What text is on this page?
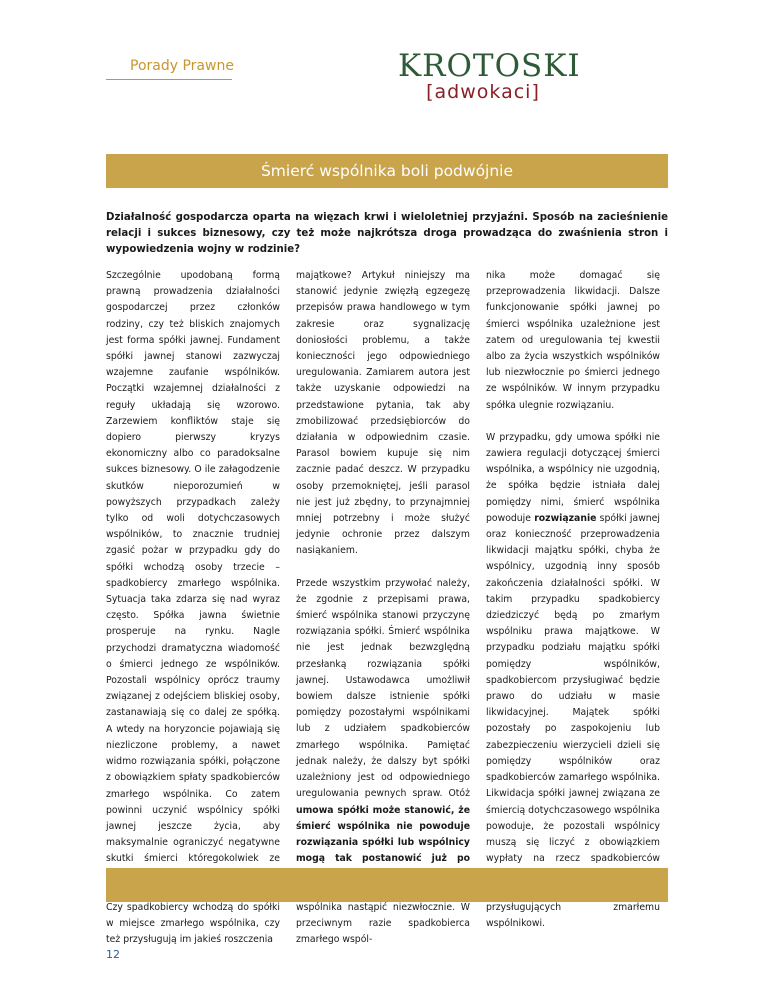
Porady Prawne	KROTOSKI
[adwokaci]
Śmierć wspólnika boli podwójnie
Działalność gospodarcza oparta na więzach krwi i wieloletniej przyjaźni. Sposób na zacieśnienie relacji i sukces biznesowy, czy też może najkrótsza droga prowadząca do zwaśnienia stron i wypowiedzenia wojny w rodzinie?

Szczególnie upodobaną formą prawną prowadzenia działalności gospodarczej przez członków rodziny, czy też bliskich znajomych jest forma spółki jawnej. Fundament spółki jawnej stanowi zazwyczaj wzajemne zaufanie wspólników. Początki wzajemnej działalności z reguły układają się wzorowo. Zarzewiem konfliktów staje się dopiero pierwszy kryzys ekonomiczny albo co paradoksalne sukces biznesowy. O ile załagodzenie skutków nieporozumień w powyższych przypadkach zależy tylko od woli dotychczasowych wspólników, to znacznie trudniej zgasić pożar w przypadku gdy do spółki wchodzą osoby trzecie – spadkobiercy zmarłego wspólnika. Sytuacja taka zdarza się nad wyraz często. Spółka jawna świetnie prosperuje na rynku. Nagle przychodzi dramatyczna wiadomość o śmierci jednego ze wspólników. Pozostali wspólnicy oprócz traumy związanej z odejściem bliskiej osoby, zastanawiają się co dalej ze spółką. A wtedy na horyzoncie pojawiają się niezliczone problemy, a nawet widmo rozwiązania spółki, połączone z obowiązkiem spłaty spadkobierców zmarłego wspólnika. Co zatem powinni uczynić wspólnicy spółki jawnej jeszcze życia, aby maksymalnie ograniczyć negatywne skutki śmierci któregokolwiek ze Czy spadkobiercy wchodzą do spółki w miejsce zmarłego wspólnika, czy też przysługują im jakieś roszczenia

majątkowe? Artykuł niniejszy ma stanowić jedynie zwięzłą egzegezę przepisów prawa handlowego w tym zakresie oraz sygnalizację doniosłości problemu, a także konieczności jego odpowiedniego uregulowania. Zamiarem autora jest także uzyskanie odpowiedzi na przedstawione pytania, tak aby zmobilizować przedsiębiorców do działania w odpowiednim czasie. Parasol bowiem kupuje się nim zacznie padać deszcz. W przypadku osoby przemokniętej, jeśli parasol nie jest już zbędny, to przynajmniej mniej potrzebny i może służyć jedynie ochronie przez dalszym nasiąkaniem.

Przede wszystkim przywołać należy, że zgodnie z przepisami prawa, śmierć wspólnika stanowi przyczynę rozwiązania spółki. Śmierć wspólnika nie jest jednak bezwzględną przesłanką rozwiązania spółki jawnej. Ustawodawca umożliwił bowiem dalsze istnienie spółki pomiędzy pozostałymi wspólnikami lub z udziałem spadkobierców zmarłego wspólnika. Pamiętać jednak należy, że dalszy byt spółki uzależniony jest od odpowiedniego uregulowania pewnych spraw. Otóż umowa spółki może stanowić, że śmierć wspólnika nie powoduje rozwiązania spółki lub wspólnicy mogą tak postanowić już po wspólnika nastąpić niezwłocznie. W przeciwnym razie spadkobierca zmarłego wspól-

nika może domagać się przeprowadzenia likwidacji. Dalsze funkcjonowanie spółki jawnej po śmierci wspólnika uzależnione jest zatem od uregulowania tej kwestii albo za życia wszystkich wspólników lub niezwłocznie po śmierci jednego ze wspólników. W innym przypadku spółka ulegnie rozwiązaniu.

W przypadku, gdy umowa spółki nie zawiera regulacji dotyczącej śmierci wspólnika, a wspólnicy nie uzgodnią, że spółka będzie istniała dalej pomiędzy nimi, śmierć wspólnika powoduje rozwiązanie spółki jawnej oraz konieczność przeprowadzenia likwidacji majątku spółki, chyba że wspólnicy, uzgodnią inny sposób zakończenia działalności spółki. W takim przypadku spadkobiercy dziedziczyć będą po zmarłym wspólniku prawa majątkowe. W przypadku podziału majątku spółki pomiędzy wspólników, spadkobiercom przysługiwać będzie prawo do udziału w masie likwidacyjnej. Majątek spółki pozostały po zaspokojeniu lub zabezpieczeniu wierzycieli dzieli się pomiędzy wspólników oraz spadkobierców zamarłego wspólnika. Likwidacja spółki jawnej związana ze śmiercią dotychczasowego wspólnika powoduje, że pozostali wspólnicy muszą się liczyć z obowiązkiem wypłaty na rzecz spadkobierców przysługujących zmarłemu wspólnikowi.

12
